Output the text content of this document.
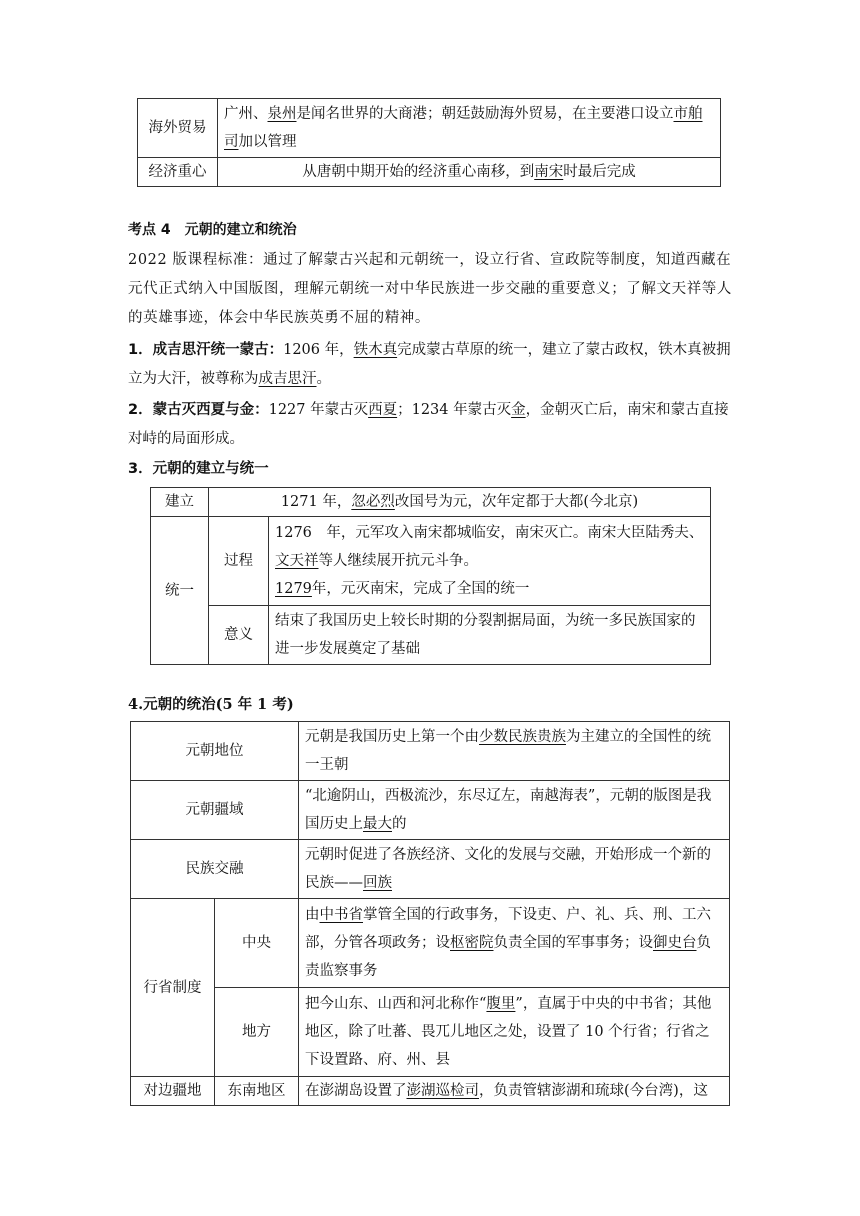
海外贸易	广州、泉州是闻名世界的大商港；朝廷鼓励海外贸易，在主要港口设立市舶司加以管理
经济重心	从唐朝中期开始的经济重心南移，到南宋时最后完成
考点 4　元朝的建立和统治
2022 版课程标准：通过了解蒙古兴起和元朝统一，设立行省、宣政院等制度，知道西藏在元代正式纳入中国版图，理解元朝统一对中华民族进一步交融的重要意义；了解文天祥等人的英雄事迹，体会中华民族英勇不屈的精神。
1．成吉思汗统一蒙古：1206 年，铁木真完成蒙古草原的统一，建立了蒙古政权，铁木真被拥立为大汗，被尊称为成吉思汗。
2．蒙古灭西夏与金：1227 年蒙古灭西夏；1234 年蒙古灭金，金朝灭亡后，南宋和蒙古直接对峙的局面形成。
3．元朝的建立与统一
建立	1271 年，忽必烈改国号为元，次年定都于大都(今北京)	
统一	过程	1276　年，元军攻入南宋都城临安，南宋灭亡。南宋大臣陆秀夫、文天祥等人继续展开抗元斗争。
1279年，元灭南宋，完成了全国的统一
	意义	结束了我国历史上较长时期的分裂割据局面，为统一多民族国家的进一步发展奠定了基础
4.元朝的统治(5 年 1 考)
元朝地位		元朝是我国历史上第一个由少数民族贵族为主建立的全国性的统一王朝
元朝疆域		“北逾阴山，西极流沙，东尽辽左，南越海表”，元朝的版图是我国历史上最大的
民族交融		元朝时促进了各族经济、文化的发展与交融，开始形成一个新的民族——回族
行省制度	中央	由中书省掌管全国的行政事务，下设吏、户、礼、兵、刑、工六部，分管各项政务；设枢密院负责全国的军事事务；设御史台负责监察事务
	地方	把今山东、山西和河北称作“腹里”，直属于中央的中书省；其他地区，除了吐蕃、畏兀儿地区之处，设置了 10 个行省；行省之下设置路、府、州、县
对边疆地	东南地区	在澎湖岛设置了澎湖巡检司，负责管辖澎湖和琉球(今台湾)，这
